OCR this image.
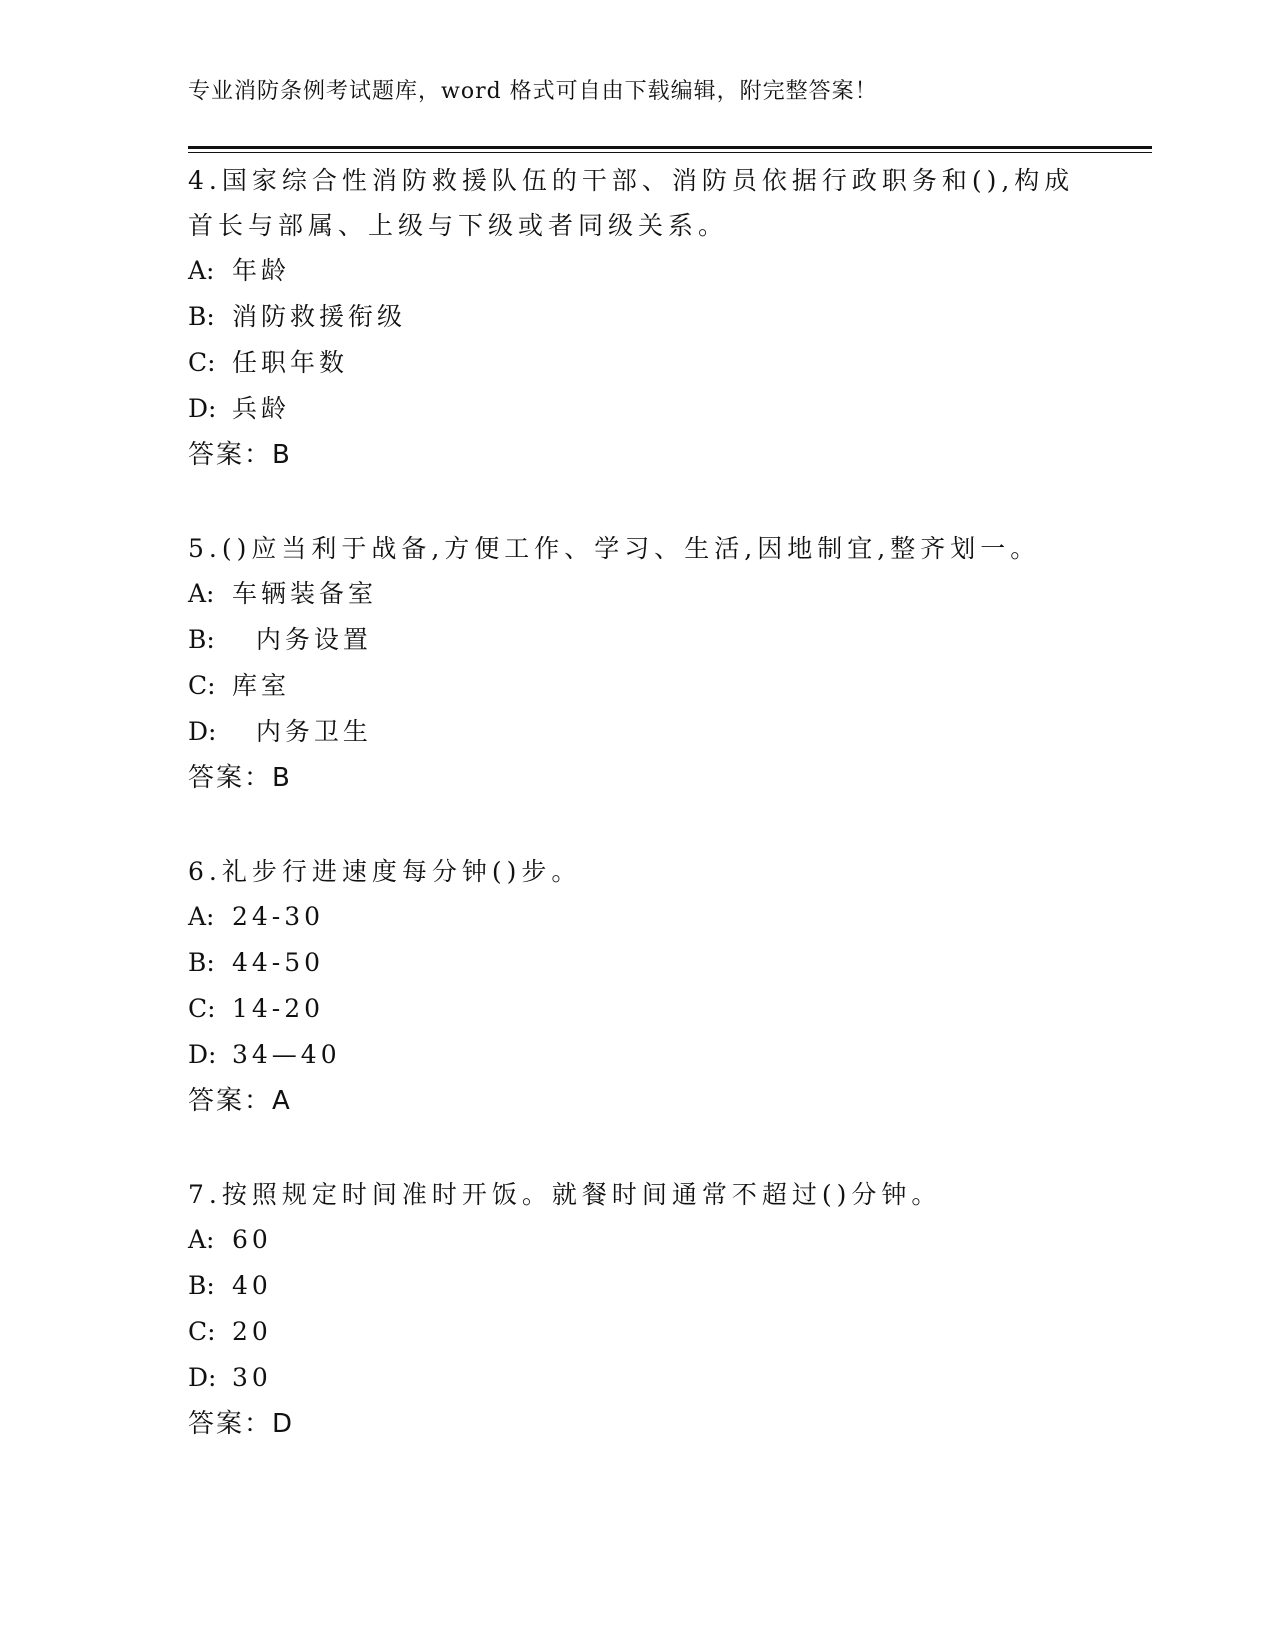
专业消防条例考试题库，word 格式可自由下载编辑，附完整答案！

4.国家综合性消防救援队伍的干部、消防员依据行政职务和(),构成首长与部属、上级与下级或者同级关系。

A: 年龄
B: 消防救援衔级
C: 任职年数
D: 兵龄
答案：B

5.()应当利于战备,方便工作、学习、生活,因地制宜,整齐划一。

A: 车辆装备室
B: 内务设置
C: 库室
D: 内务卫生
答案：B

6.礼步行进速度每分钟()步。

A: 24-30
B: 44-50
C: 14-20
D: 34—40
答案：A

7.按照规定时间准时开饭。就餐时间通常不超过()分钟。

A: 60
B: 40
C: 20
D: 30
答案：D
